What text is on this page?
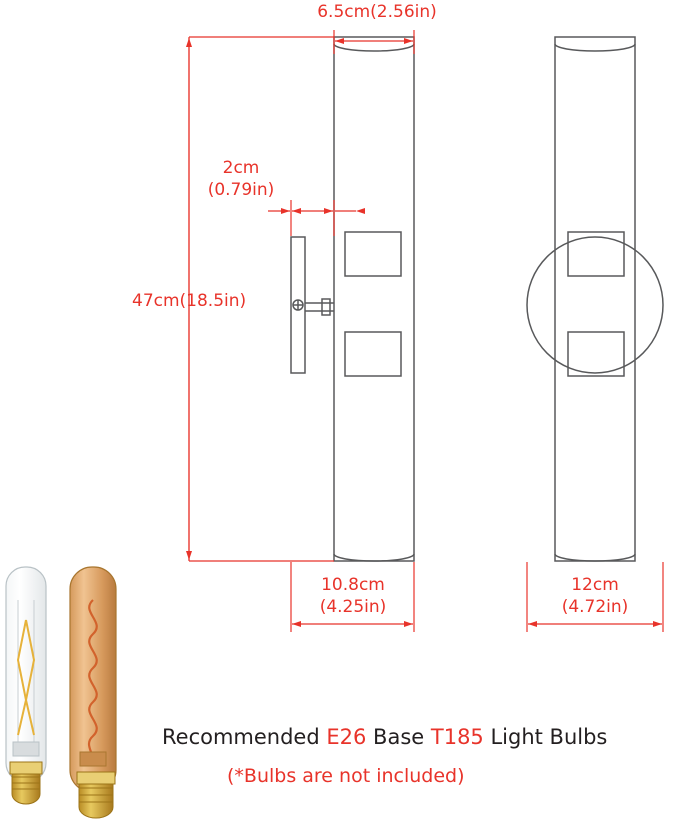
6.5cm(2.56in)
2cm
(0.79in)
47cm(18.5in)
10.8cm
(4.25in)
12cm
(4.72in)
Recommended E26 Base T185 Light Bulbs
(*Bulbs are not included)
